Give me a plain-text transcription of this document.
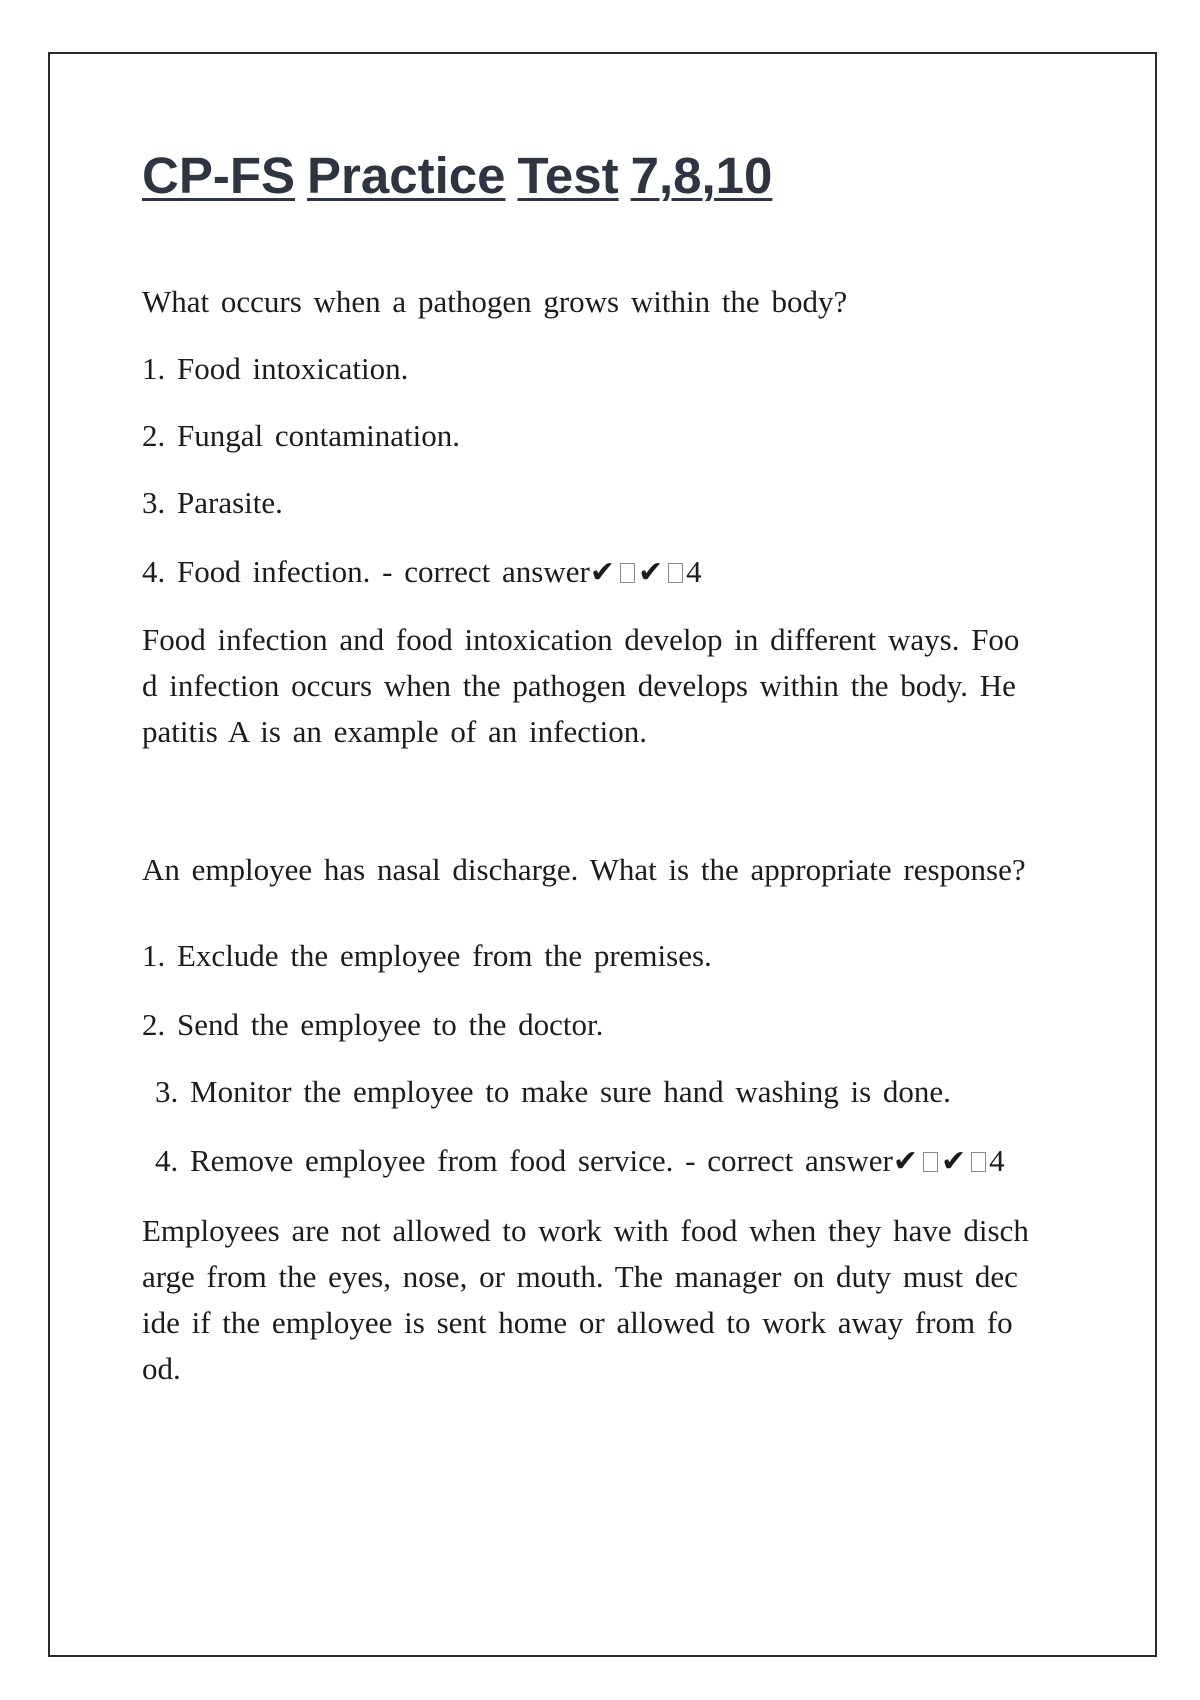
CP-FS Practice Test 7,8,10

What occurs when a pathogen grows within the body?

1. Food intoxication.

2. Fungal contamination.

3. Parasite.

4. Food infection. - correct answer✔ ✔ 4

Food infection and food intoxication develop in different ways. Foo
d infection occurs when the pathogen develops within the body. He
patitis A is an example of an infection.

An employee has nasal discharge. What is the appropriate response?

1. Exclude the employee from the premises.

2. Send the employee to the doctor.

3. Monitor the employee to make sure hand washing is done.

4. Remove employee from food service. - correct answer✔ ✔ 4

Employees are not allowed to work with food when they have disch
arge from the eyes, nose, or mouth. The manager on duty must dec
ide if the employee is sent home or allowed to work away from fo
od.
